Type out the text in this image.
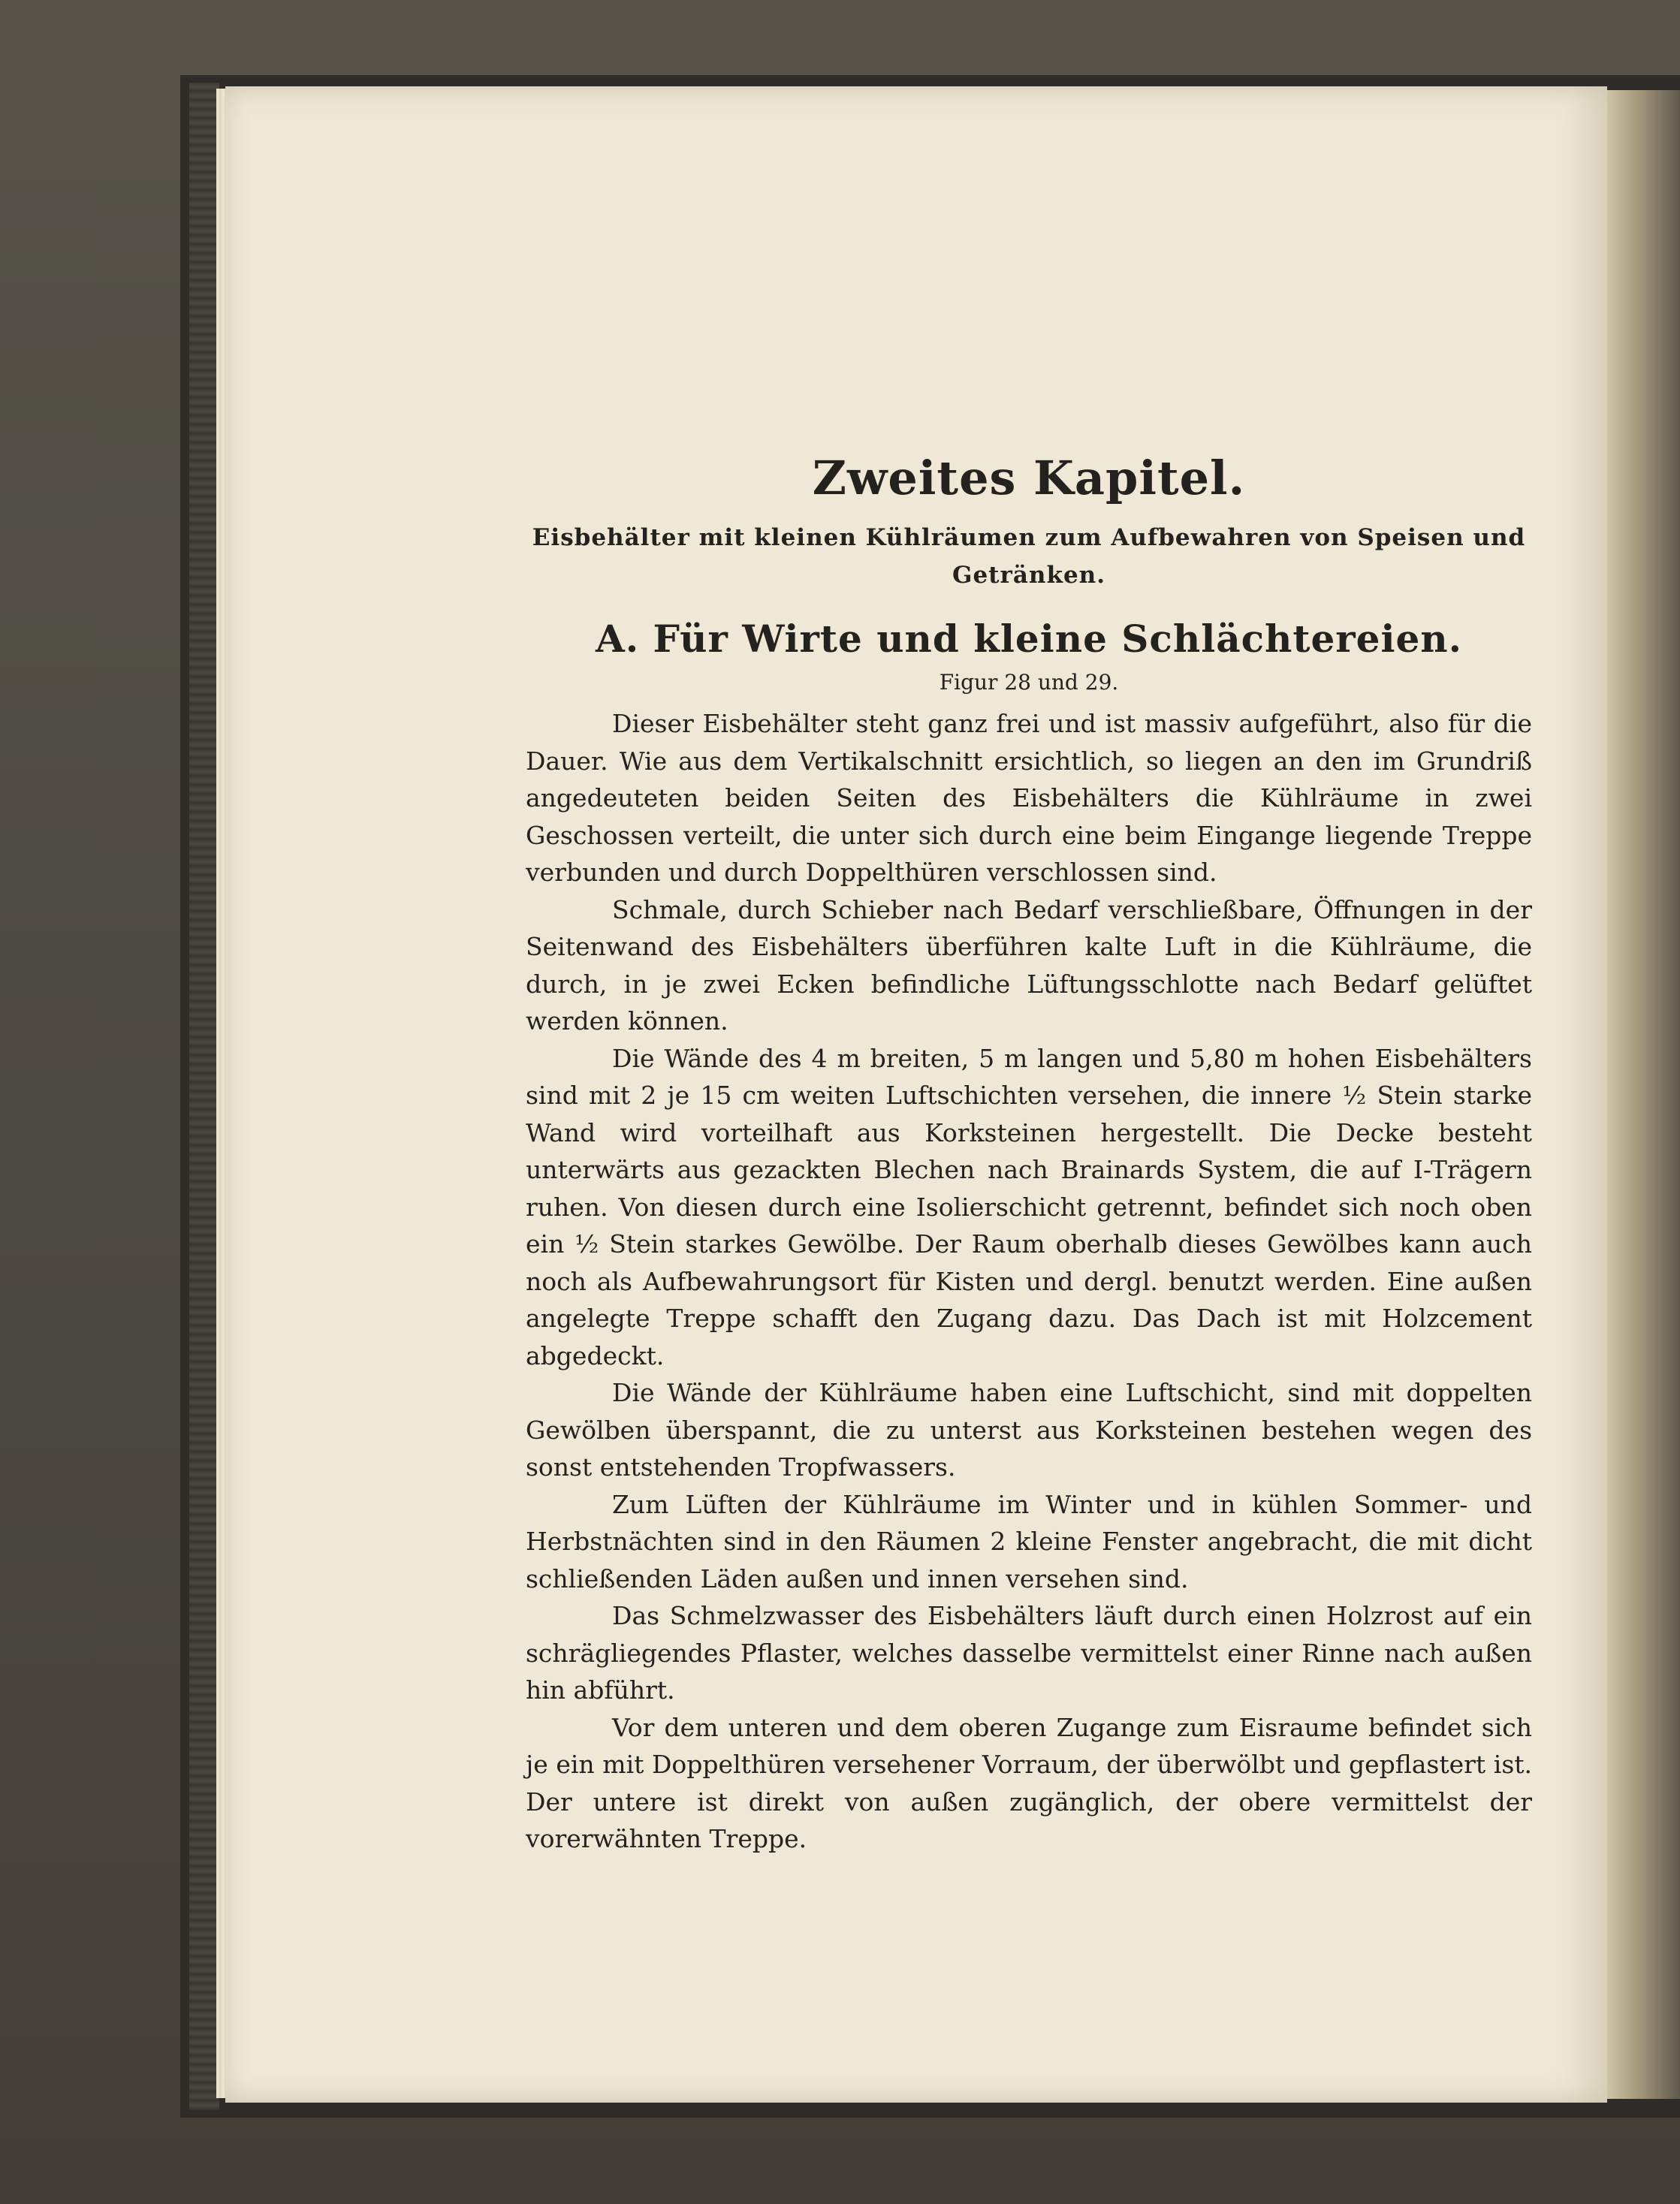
Zweites Kapitel.

Eisbehälter mit kleinen Kühlräumen zum Aufbewahren von Speisen und Getränken.

A. Für Wirte und kleine Schlächtereien.

Figur 28 und 29.

Dieser Eisbehälter steht ganz frei und ist massiv aufgeführt, also für die Dauer. Wie aus dem Vertikalschnitt ersichtlich, so liegen an den im Grundriß angedeuteten beiden Seiten des Eisbehälters die Kühlräume in zwei Geschossen verteilt, die unter sich durch eine beim Eingange liegende Treppe verbunden und durch Doppelthüren verschlossen sind.

Schmale, durch Schieber nach Bedarf verschließbare, Öffnungen in der Seitenwand des Eisbehälters überführen kalte Luft in die Kühlräume, die durch, in je zwei Ecken befindliche Lüftungsschlotte nach Bedarf gelüftet werden können.

Die Wände des 4 m breiten, 5 m langen und 5,80 m hohen Eisbehälters sind mit 2 je 15 cm weiten Luftschichten versehen, die innere ½ Stein starke Wand wird vorteilhaft aus Korksteinen hergestellt. Die Decke besteht unterwärts aus gezackten Blechen nach Brainards System, die auf I-Trägern ruhen. Von diesen durch eine Isolierschicht getrennt, befindet sich noch oben ein ½ Stein starkes Gewölbe. Der Raum oberhalb dieses Gewölbes kann auch noch als Aufbewahrungsort für Kisten und dergl. benutzt werden. Eine außen angelegte Treppe schafft den Zugang dazu. Das Dach ist mit Holzcement abgedeckt.

Die Wände der Kühlräume haben eine Luftschicht, sind mit doppelten Gewölben überspannt, die zu unterst aus Korksteinen bestehen wegen des sonst entstehenden Tropfwassers.

Zum Lüften der Kühlräume im Winter und in kühlen Sommer- und Herbstnächten sind in den Räumen 2 kleine Fenster angebracht, die mit dicht schließenden Läden außen und innen versehen sind.

Das Schmelzwasser des Eisbehälters läuft durch einen Holzrost auf ein schrägliegendes Pflaster, welches dasselbe vermittelst einer Rinne nach außen hin abführt.

Vor dem unteren und dem oberen Zugange zum Eisraume befindet sich je ein mit Doppelthüren versehener Vorraum, der überwölbt und gepflastert ist. Der untere ist direkt von außen zugänglich, der obere vermittelst der vorerwähnten Treppe.
